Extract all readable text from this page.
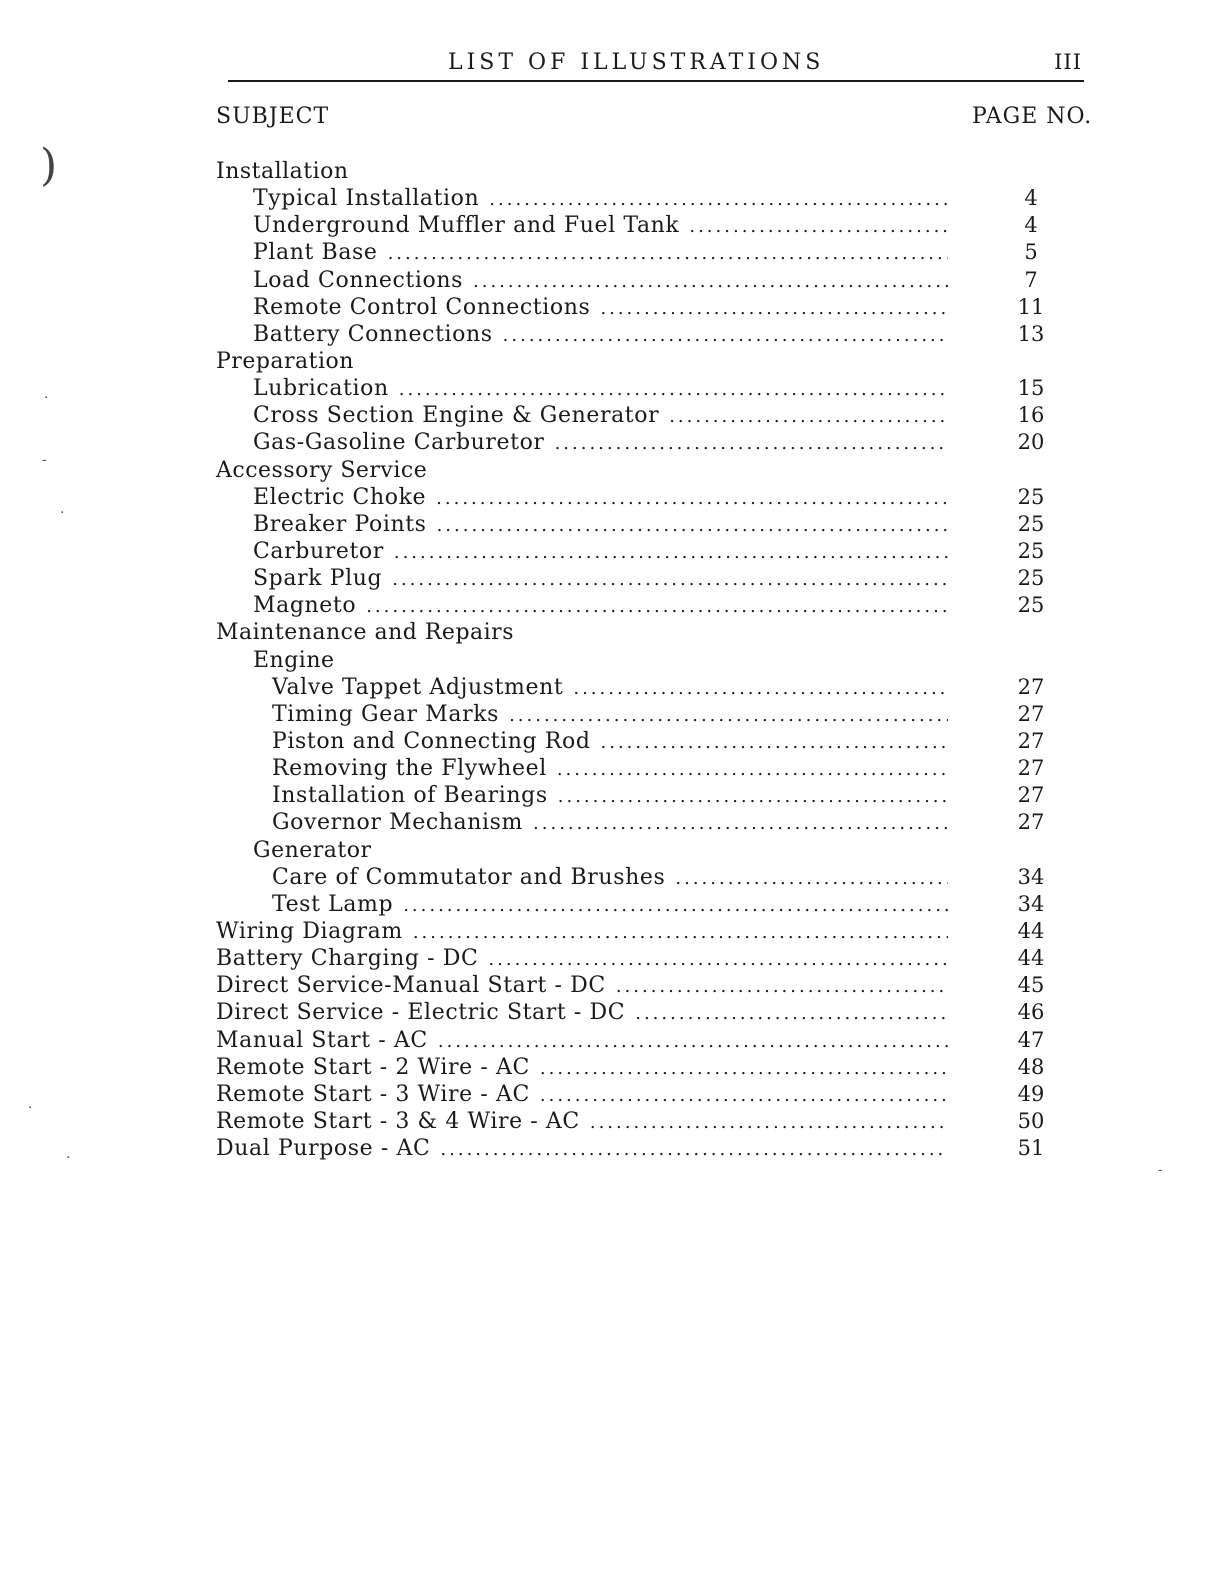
LIST OF ILLUSTRATIONS	III
SUBJECT	PAGE NO.
Installation
Typical Installation .....	4
Underground Muffler and Fuel Tank .....	4
Plant Base .....	5
Load Connections .....	7
Remote Control Connections .....	11
Battery Connections .....	13
Preparation
Lubrication .....	15
Cross Section Engine & Generator .....	16
Gas-Gasoline Carburetor .....	20
Accessory Service
Electric Choke .....	25
Breaker Points .....	25
Carburetor .....	25
Spark Plug .....	25
Magneto .....	25
Maintenance and Repairs
Engine
Valve Tappet Adjustment .....	27
Timing Gear Marks .....	27
Piston and Connecting Rod .....	27
Removing the Flywheel .....	27
Installation of Bearings .....	27
Governor Mechanism .....	27
Generator
Care of Commutator and Brushes .....	34
Test Lamp .....	34
Wiring Diagram .....	44
Battery Charging - DC .....	44
Direct Service-Manual Start - DC .....	45
Direct Service - Electric Start - DC .....	46
Manual Start - AC .....	47
Remote Start - 2 Wire - AC .....	48
Remote Start - 3 Wire - AC .....	49
Remote Start - 3 & 4 Wire - AC .....	50
Dual Purpose - AC .....	51
)
·
-
·
·
·
-
